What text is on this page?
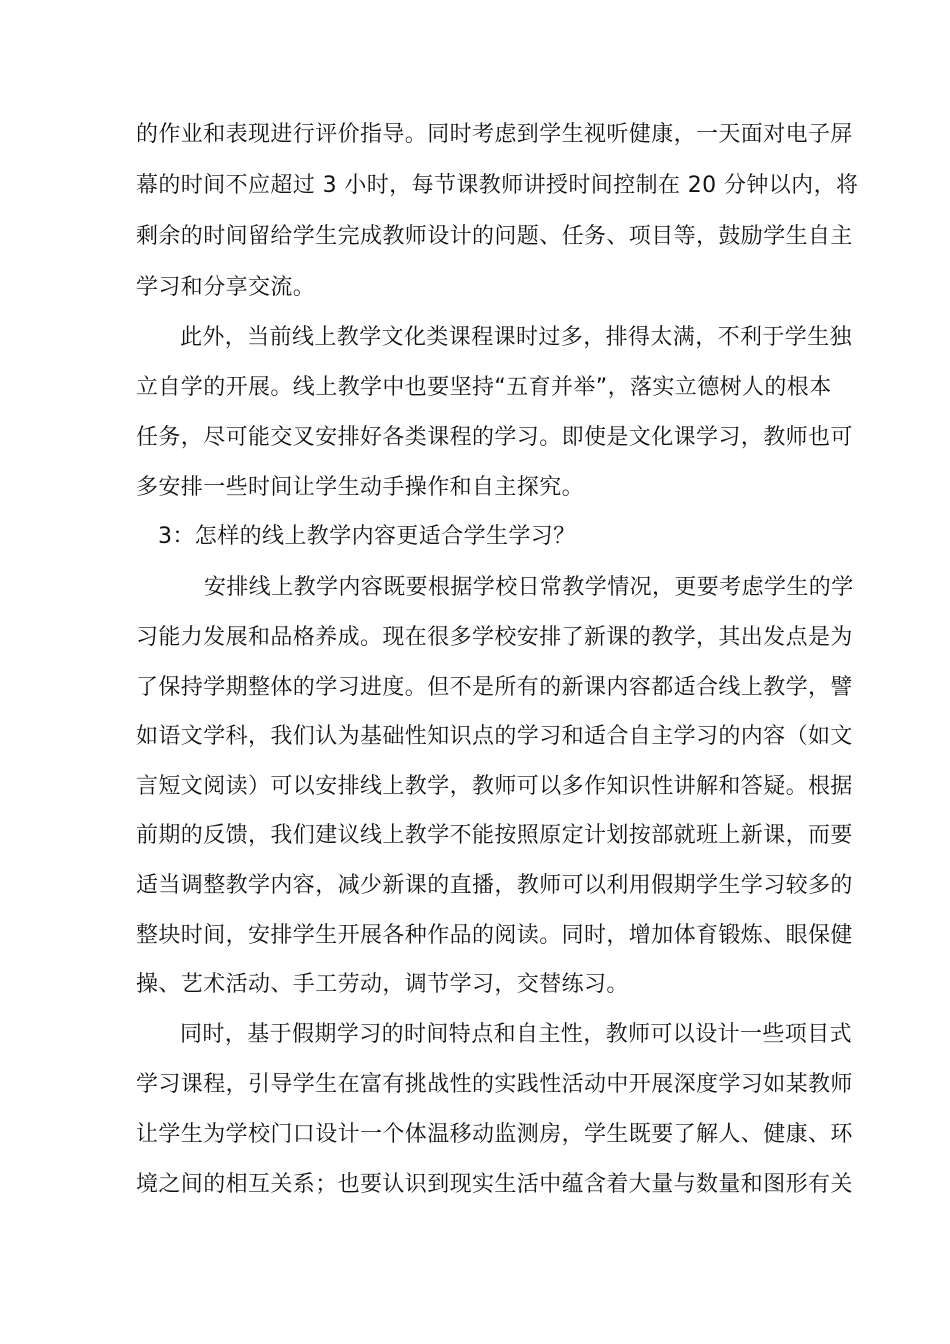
的作业和表现进行评价指导。同时考虑到学生视听健康，一天面对电子屏
幕的时间不应超过 3 小时，每节课教师讲授时间控制在 20 分钟以内，将
剩余的时间留给学生完成教师设计的问题、任务、项目等，鼓励学生自主
学习和分享交流。
此外，当前线上教学文化类课程课时过多，排得太满，不利于学生独
立自学的开展。线上教学中也要坚持“五育并举”，落实立德树人的根本
任务，尽可能交叉安排好各类课程的学习。即使是文化课学习，教师也可
多安排一些时间让学生动手操作和自主探究。
3：怎样的线上教学内容更适合学生学习？
安排线上教学内容既要根据学校日常教学情况，更要考虑学生的学
习能力发展和品格养成。现在很多学校安排了新课的教学，其出发点是为
了保持学期整体的学习进度。但不是所有的新课内容都适合线上教学，譬
如语文学科，我们认为基础性知识点的学习和适合自主学习的内容（如文
言短文阅读）可以安排线上教学，教师可以多作知识性讲解和答疑。根据
前期的反馈，我们建议线上教学不能按照原定计划按部就班上新课，而要
适当调整教学内容，减少新课的直播，教师可以利用假期学生学习较多的
整块时间，安排学生开展各种作品的阅读。同时，增加体育锻炼、眼保健
操、艺术活动、手工劳动，调节学习，交替练习。
同时，基于假期学习的时间特点和自主性，教师可以设计一些项目式
学习课程，引导学生在富有挑战性的实践性活动中开展深度学习如某教师
让学生为学校门口设计一个体温移动监测房，学生既要了解人、健康、环
境之间的相互关系；也要认识到现实生活中蕴含着大量与数量和图形有关
